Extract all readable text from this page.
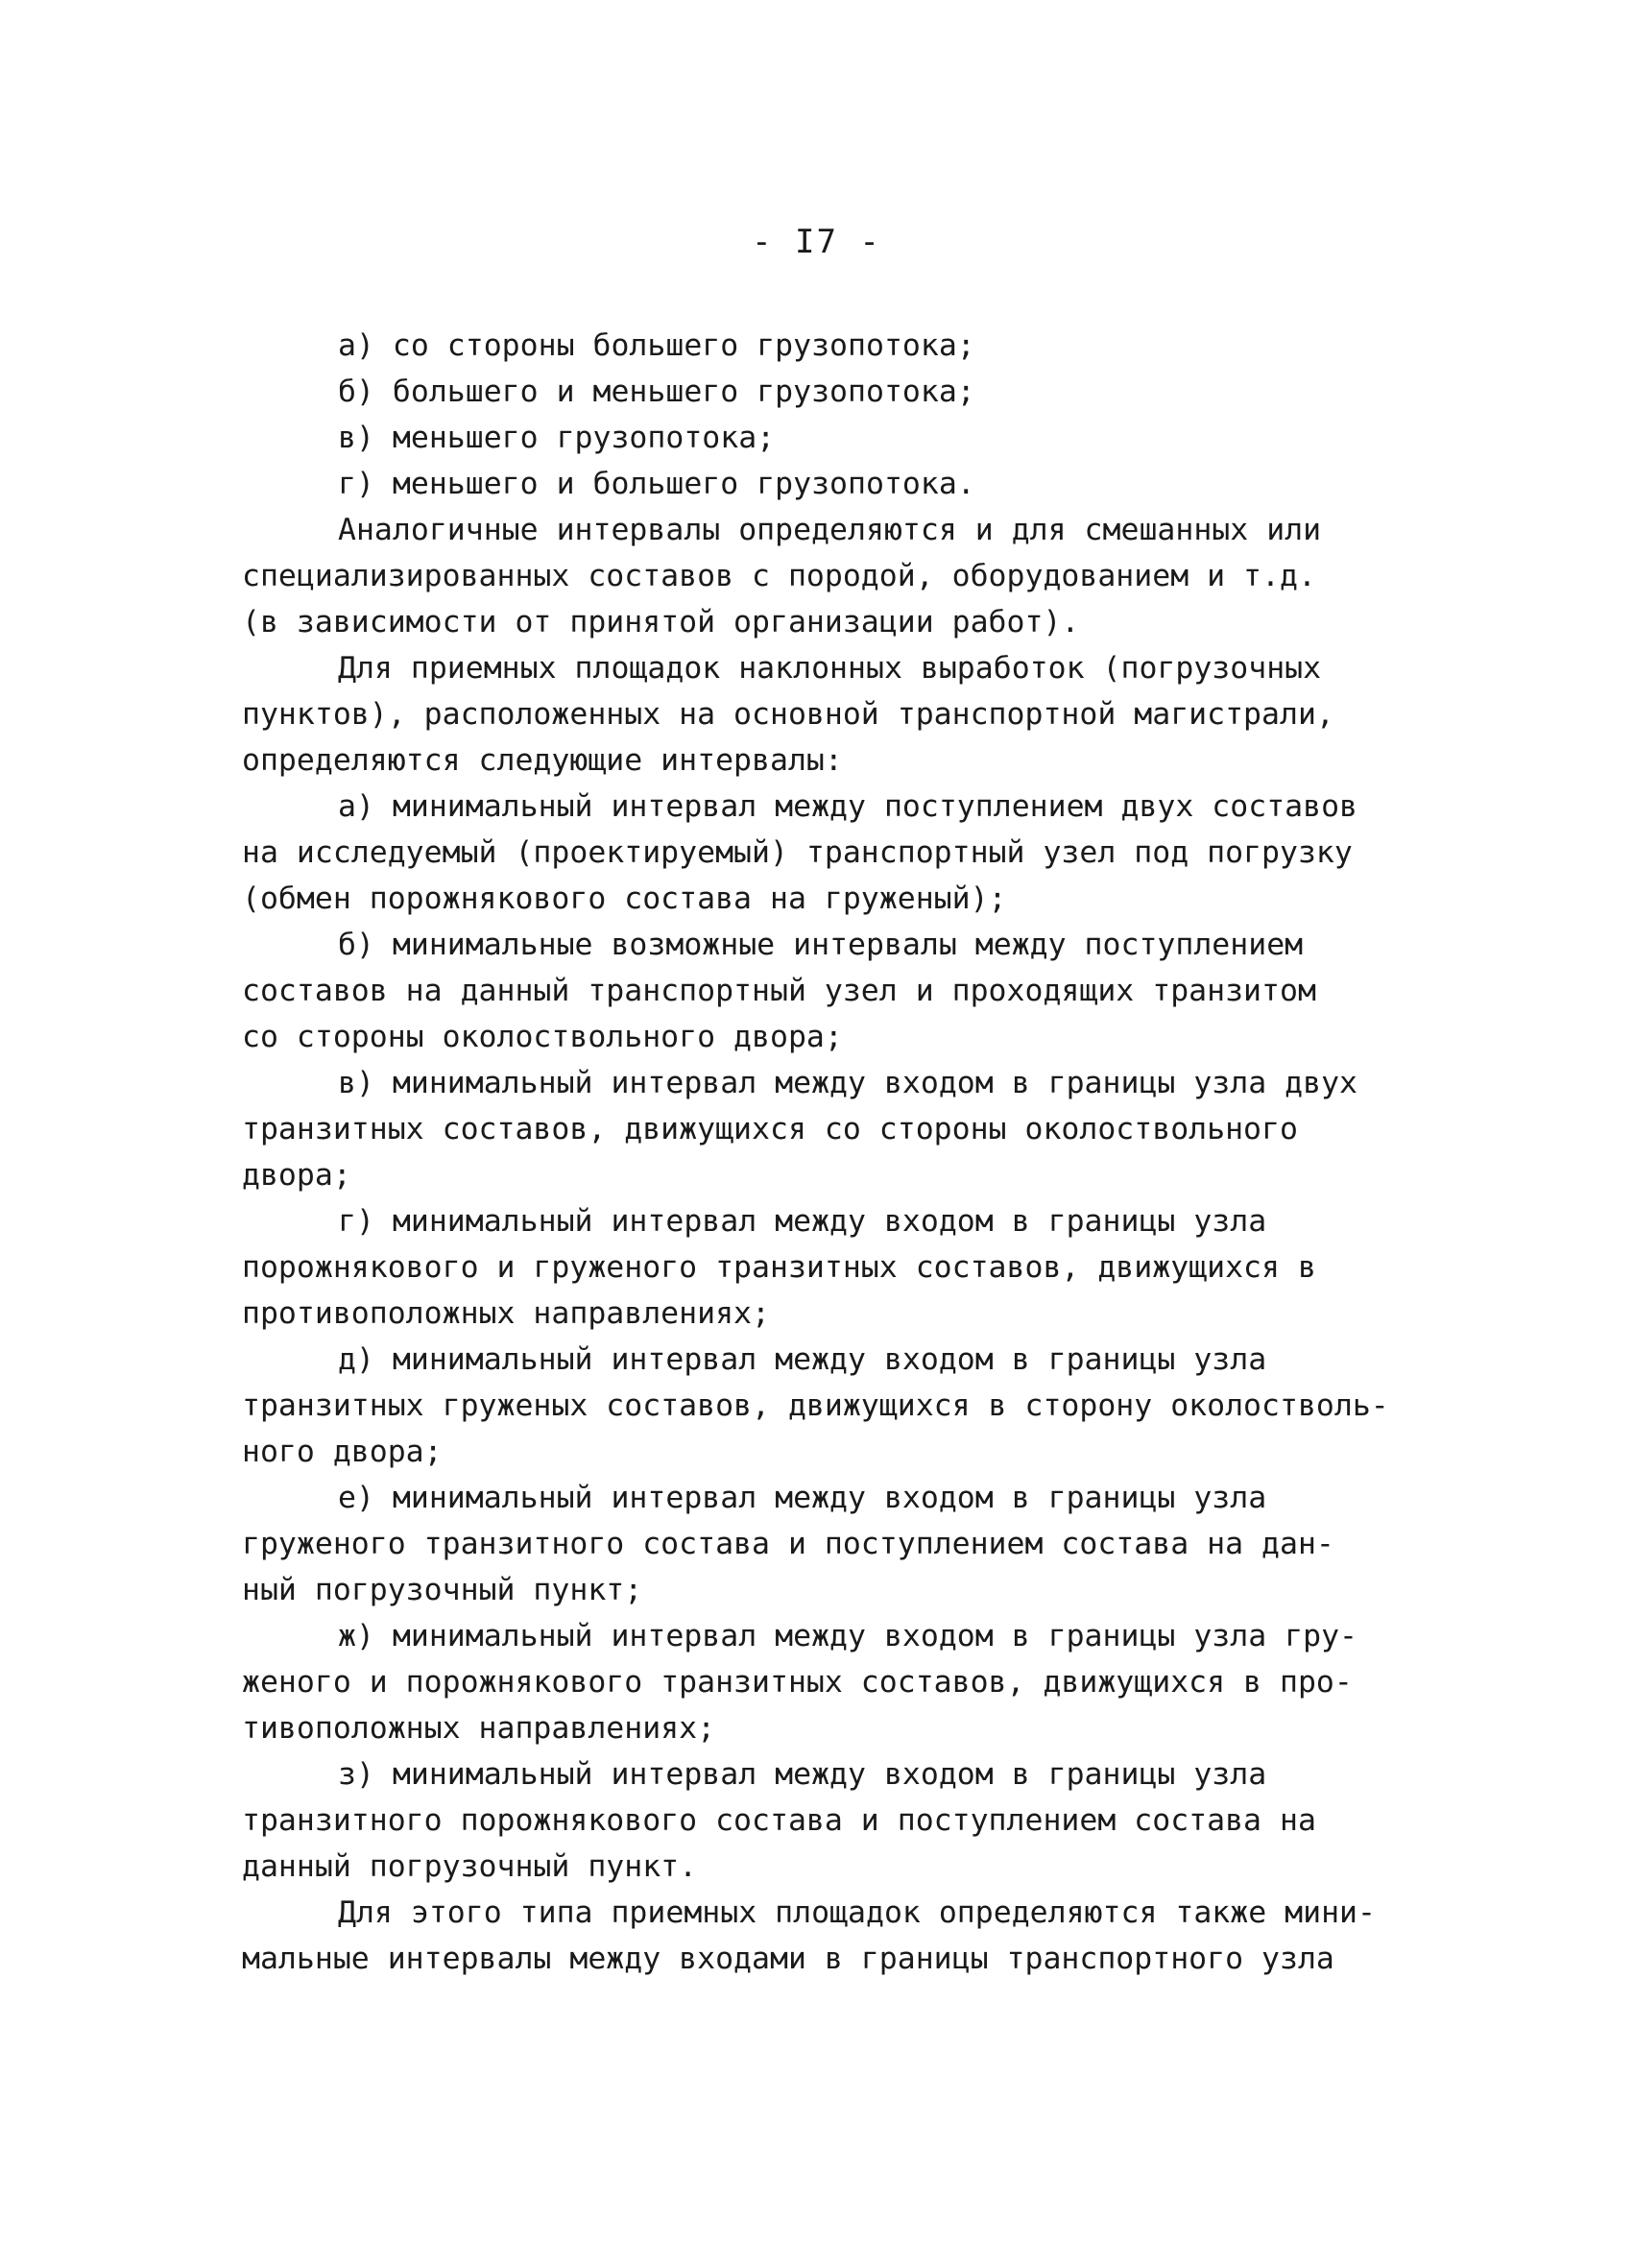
- I7 -
а) со стороны большего грузопотока;
б) большего и меньшего грузопотока;
в) меньшего грузопотока;
г) меньшего и большего грузопотока.
Аналогичные интервалы определяются и для смешанных или
специализированных составов с породой, оборудованием и т.д.
(в зависимости от принятой организации работ).
Для приемных площадок наклонных выработок (погрузочных
пунктов), расположенных на основной транспортной магистрали,
определяются следующие интервалы:
а) минимальный интервал между поступлением двух составов
на исследуемый (проектируемый) транспортный узел под погрузку
(обмен порожнякового состава на груженый);
б) минимальные возможные интервалы между поступлением
составов на данный транспортный узел и проходящих транзитом
со стороны околоствольного двора;
в) минимальный интервал между входом в границы узла двух
транзитных составов, движущихся со стороны околоствольного
двора;
г) минимальный интервал между входом в границы узла
порожнякового и груженого транзитных составов, движущихся в
противоположных направлениях;
д) минимальный интервал между входом в границы узла
транзитных груженых составов, движущихся в сторону околостволь-
ного двора;
е) минимальный интервал между входом в границы узла
груженого транзитного состава и поступлением состава на дан-
ный погрузочный пункт;
ж) минимальный интервал между входом в границы узла гру-
женого и порожнякового транзитных составов, движущихся в про-
тивоположных направлениях;
з) минимальный интервал между входом в границы узла
транзитного порожнякового состава и поступлением состава на
данный погрузочный пункт.
Для этого типа приемных площадок определяются также мини-
мальные интервалы между входами в границы транспортного узла
